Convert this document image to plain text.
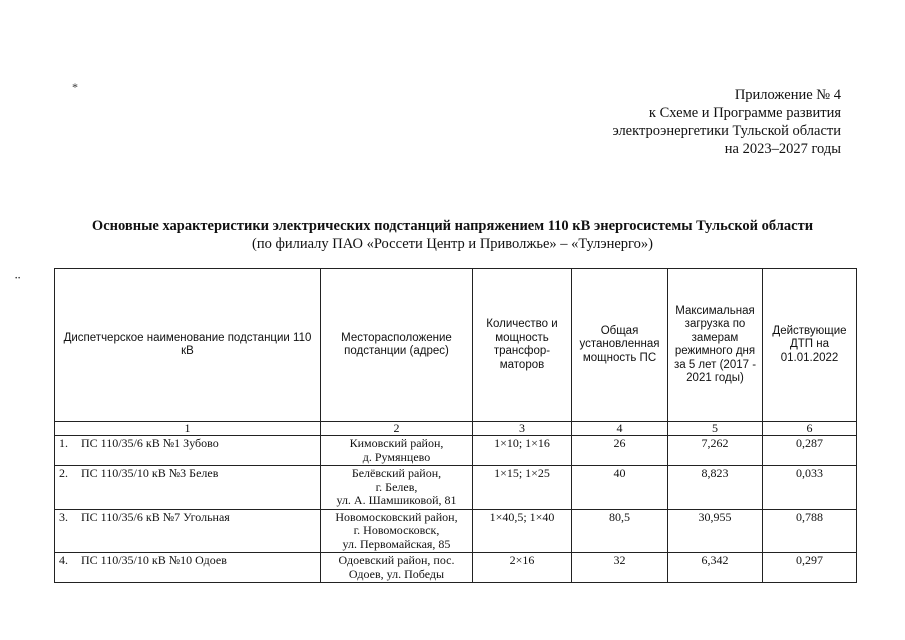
*
⠒
Приложение № 4
к Схеме и Программе развития
электроэнергетики Тульской области
на 2023–2027 годы
Основные характеристики электрических подстанций напряжением 110 кВ энергосистемы Тульской области
(по филиалу ПАО «Россети Центр и Приволжье» – «Тулэнерго»)
Диспетчерское наименование подстанции 110 кВ	Месторасположение подстанции (адрес)	Количество и мощность трансфор-маторов	Общая установленная мощность ПС	Максимальная загрузка по замерам режимного дня за 5 лет (2017 - 2021 годы)	Действующие ДТП на 01.01.2022
1	2	3	4	5	6

1. ПС 110/35/6 кВ №1 Зубово	Кимовский район,
д. Румянцево	1×10; 1×16	26	7,262	0,287

2. ПС 110/35/10 кВ №3 Белев	Белёвский район,
г. Белев,
ул. А. Шамшиковой, 81	1×15; 1×25	40	8,823	0,033

3. ПС 110/35/6 кВ №7 Угольная	Новомосковский район,
г. Новомосковск,
ул. Первомайская, 85	1×40,5; 1×40	80,5	30,955	0,788

4. ПС 110/35/10 кВ №10 Одоев	Одоевский район, пос.
Одоев, ул. Победы	2×16	32	6,342	0,297
